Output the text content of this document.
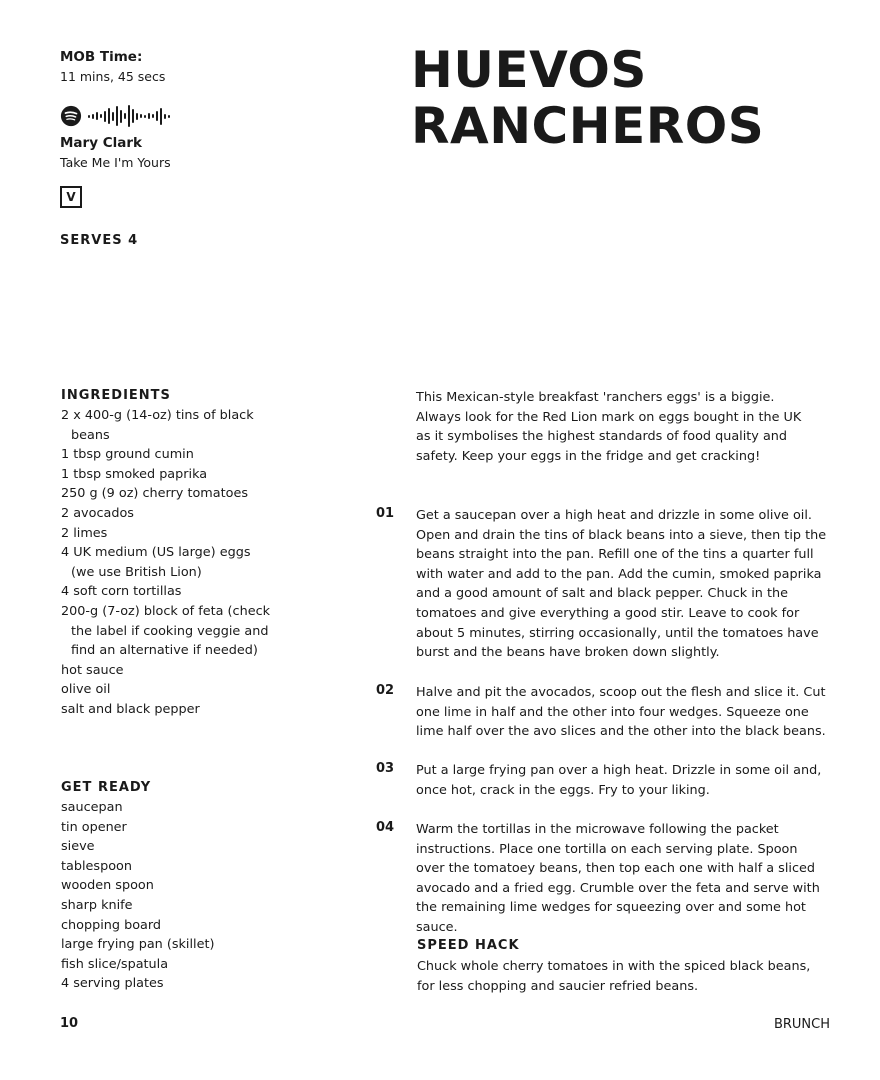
MOB Time:
11 mins, 45 secs
Mary Clark
Take Me I'm Yours
V
SERVES 4
HUEVOS
RANCHEROS
INGREDIENTS
2 x 400-g (14-oz) tins of black beans
1 tbsp ground cumin
1 tbsp smoked paprika
250 g (9 oz) cherry tomatoes
2 avocados
2 limes
4 UK medium (US large) eggs (we use British Lion)
4 soft corn tortillas
200-g (7-oz) block of feta (check the label if cooking veggie and find an alternative if needed)
hot sauce
olive oil
salt and black pepper
GET READY
saucepan
tin opener
sieve
tablespoon
wooden spoon
sharp knife
chopping board
large frying pan (skillet)
fish slice/spatula
4 serving plates

This Mexican-style breakfast 'ranchers eggs' is a biggie. Always look for the Red Lion mark on eggs bought in the UK as it symbolises the highest standards of food quality and safety. Keep your eggs in the fridge and get cracking!

01 Get a saucepan over a high heat and drizzle in some olive oil. Open and drain the tins of black beans into a sieve, then tip the beans straight into the pan. Refill one of the tins a quarter full with water and add to the pan. Add the cumin, smoked paprika and a good amount of salt and black pepper. Chuck in the tomatoes and give everything a good stir. Leave to cook for about 5 minutes, stirring occasionally, until the tomatoes have burst and the beans have broken down slightly.

02 Halve and pit the avocados, scoop out the flesh and slice it. Cut one lime in half and the other into four wedges. Squeeze one lime half over the avo slices and the other into the black beans.

03 Put a large frying pan over a high heat. Drizzle in some oil and, once hot, crack in the eggs. Fry to your liking.

04 Warm the tortillas in the microwave following the packet instructions. Place one tortilla on each serving plate. Spoon over the tomatoey beans, then top each one with half a sliced avocado and a fried egg. Crumble over the feta and serve with the remaining lime wedges for squeezing over and some hot sauce.

SPEED HACK

Chuck whole cherry tomatoes in with the spiced black beans, for less chopping and saucier refried beans.

10	BRUNCH
